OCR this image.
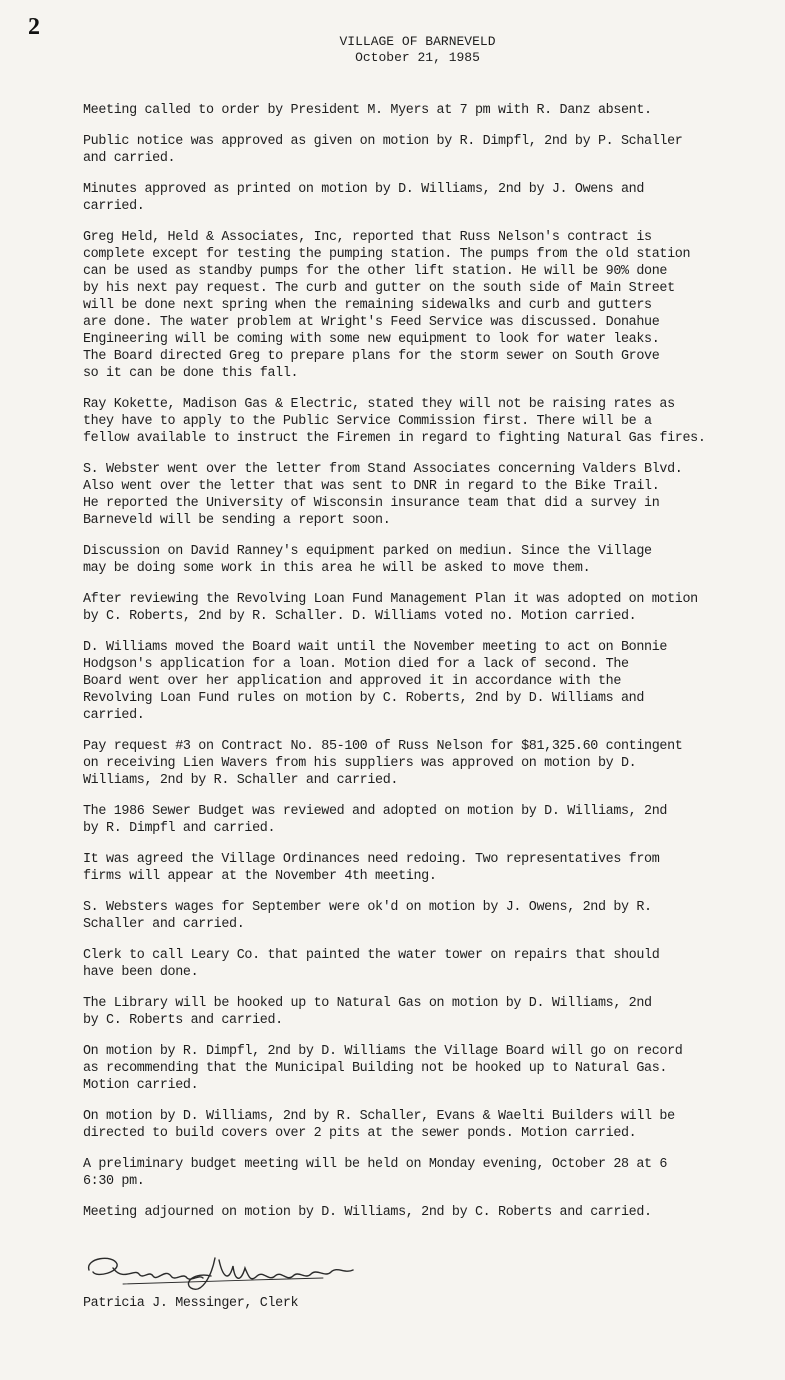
2
VILLAGE OF BARNEVELD
October 21, 1985

Meeting called to order by President M. Myers at 7 pm with R. Danz absent.

Public notice was approved as given on motion by R. Dimpfl, 2nd by P. Schaller
and carried.

Minutes approved as printed on motion by D. Williams, 2nd by J. Owens and
carried.

Greg Held, Held & Associates, Inc, reported that Russ Nelson's contract is
complete except for testing the pumping station. The pumps from the old station
can be used as standby pumps for the other lift station. He will be 90% done
by his next pay request. The curb and gutter on the south side of Main Street
will be done next spring when the remaining sidewalks and curb and gutters
are done. The water problem at Wright's Feed Service was discussed. Donahue
Engineering will be coming with some new equipment to look for water leaks.
The Board directed Greg to prepare plans for the storm sewer on South Grove
so it can be done this fall.

Ray Kokette, Madison Gas & Electric, stated they will not be raising rates as
they have to apply to the Public Service Commission first. There will be a
fellow available to instruct the Firemen in regard to fighting Natural Gas fires.

S. Webster went over the letter from Stand Associates concerning Valders Blvd.
Also went over the letter that was sent to DNR in regard to the Bike Trail.
He reported the University of Wisconsin insurance team that did a survey in
Barneveld will be sending a report soon.

Discussion on David Ranney's equipment parked on mediun. Since the Village
may be doing some work in this area he will be asked to move them.

After reviewing the Revolving Loan Fund Management Plan it was adopted on motion
by C. Roberts, 2nd by R. Schaller. D. Williams voted no. Motion carried.

D. Williams moved the Board wait until the November meeting to act on Bonnie
Hodgson's application for a loan. Motion died for a lack of second. The
Board went over her application and approved it in accordance with the
Revolving Loan Fund rules on motion by C. Roberts, 2nd by D. Williams and
carried.

Pay request #3 on Contract No. 85-100 of Russ Nelson for $81,325.60 contingent
on receiving Lien Wavers from his suppliers was approved on motion by D.
Williams, 2nd by R. Schaller and carried.

The 1986 Sewer Budget was reviewed and adopted on motion by D. Williams, 2nd
by R. Dimpfl and carried.

It was agreed the Village Ordinances need redoing. Two representatives from
firms will appear at the November 4th meeting.

S. Websters wages for September were ok'd on motion by J. Owens, 2nd by R.
Schaller and carried.

Clerk to call Leary Co. that painted the water tower on repairs that should
have been done.

The Library will be hooked up to Natural Gas on motion by D. Williams, 2nd
by C. Roberts and carried.

On motion by R. Dimpfl, 2nd by D. Williams the Village Board will go on record
as recommending that the Municipal Building not be hooked up to Natural Gas.
Motion carried.

On motion by D. Williams, 2nd by R. Schaller, Evans & Waelti Builders will be
directed to build covers over 2 pits at the sewer ponds. Motion carried.

A preliminary budget meeting will be held on Monday evening, October 28 at 6
6:30 pm.

Meeting adjourned on motion by D. Williams, 2nd by C. Roberts and carried.

Patricia J. Messinger, Clerk
